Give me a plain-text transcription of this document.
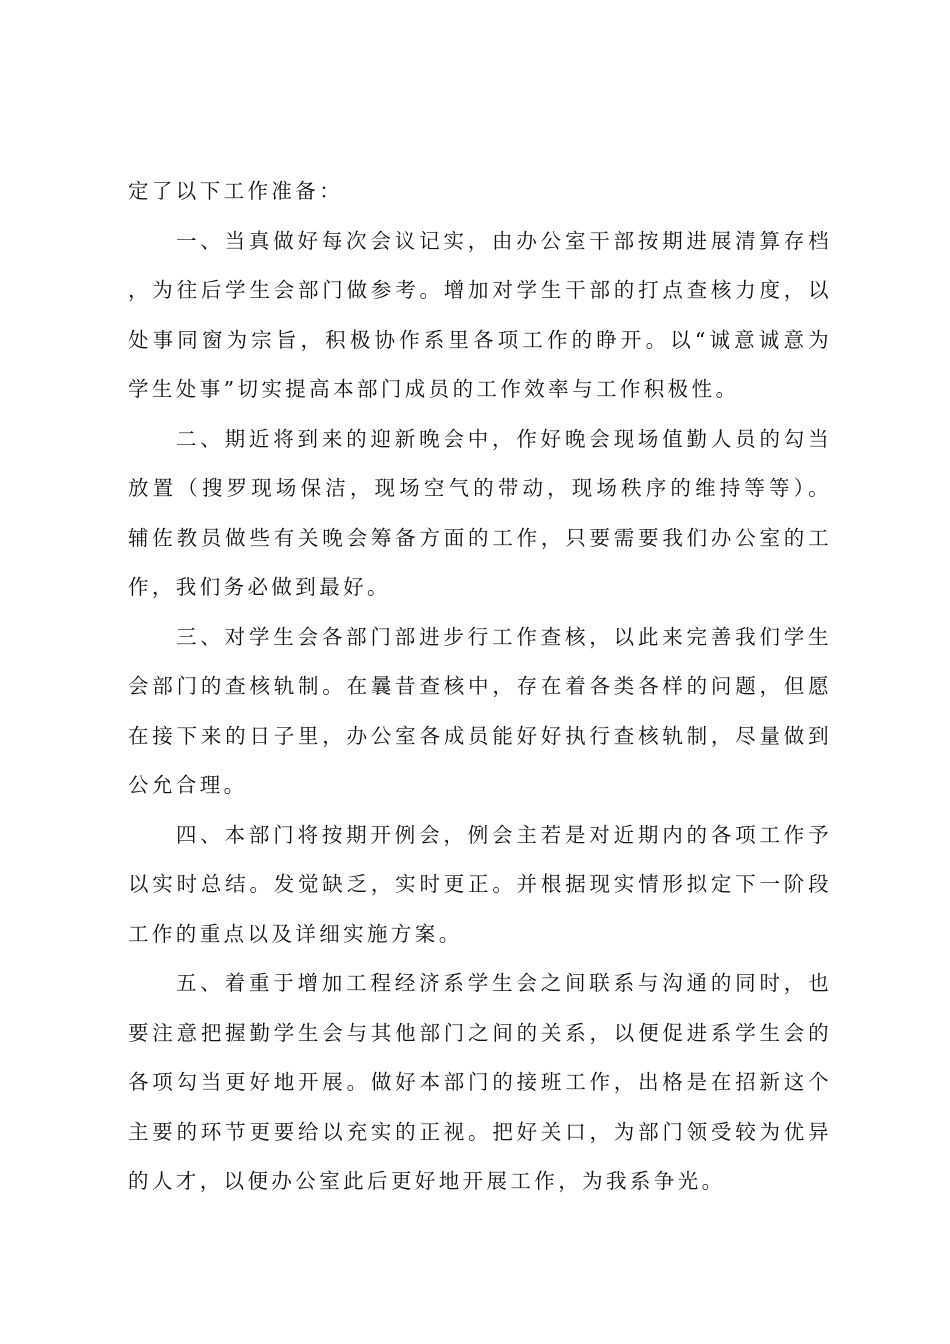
定了以下工作准备：

一、当真做好每次会议记实，由办公室干部按期进展清算存档，为往后学生会部门做参考。增加对学生干部的打点查核力度，以处事同窗为宗旨，积极协作系里各项工作的睁开。以“诚意诚意为学生处事”切实提高本部门成员的工作效率与工作积极性。

二、期近将到来的迎新晚会中，作好晚会现场值勤人员的勾当放置（搜罗现场保洁，现场空气的带动，现场秩序的维持等等）。辅佐教员做些有关晚会筹备方面的工作，只要需要我们办公室的工作，我们务必做到最好。

三、对学生会各部门部进步行工作查核，以此来完善我们学生会部门的查核轨制。在曩昔查核中，存在着各类各样的问题，但愿在接下来的日子里，办公室各成员能好好执行查核轨制，尽量做到公允合理。

四、本部门将按期开例会，例会主若是对近期内的各项工作予以实时总结。发觉缺乏，实时更正。并根据现实情形拟定下一阶段工作的重点以及详细实施方案。

五、着重于增加工程经济系学生会之间联系与沟通的同时，也要注意把握勤学生会与其他部门之间的关系，以便促进系学生会的各项勾当更好地开展。做好本部门的接班工作，出格是在招新这个主要的环节更要给以充实的正视。把好关口，为部门领受较为优异的人才，以便办公室此后更好地开展工作，为我系争光。
